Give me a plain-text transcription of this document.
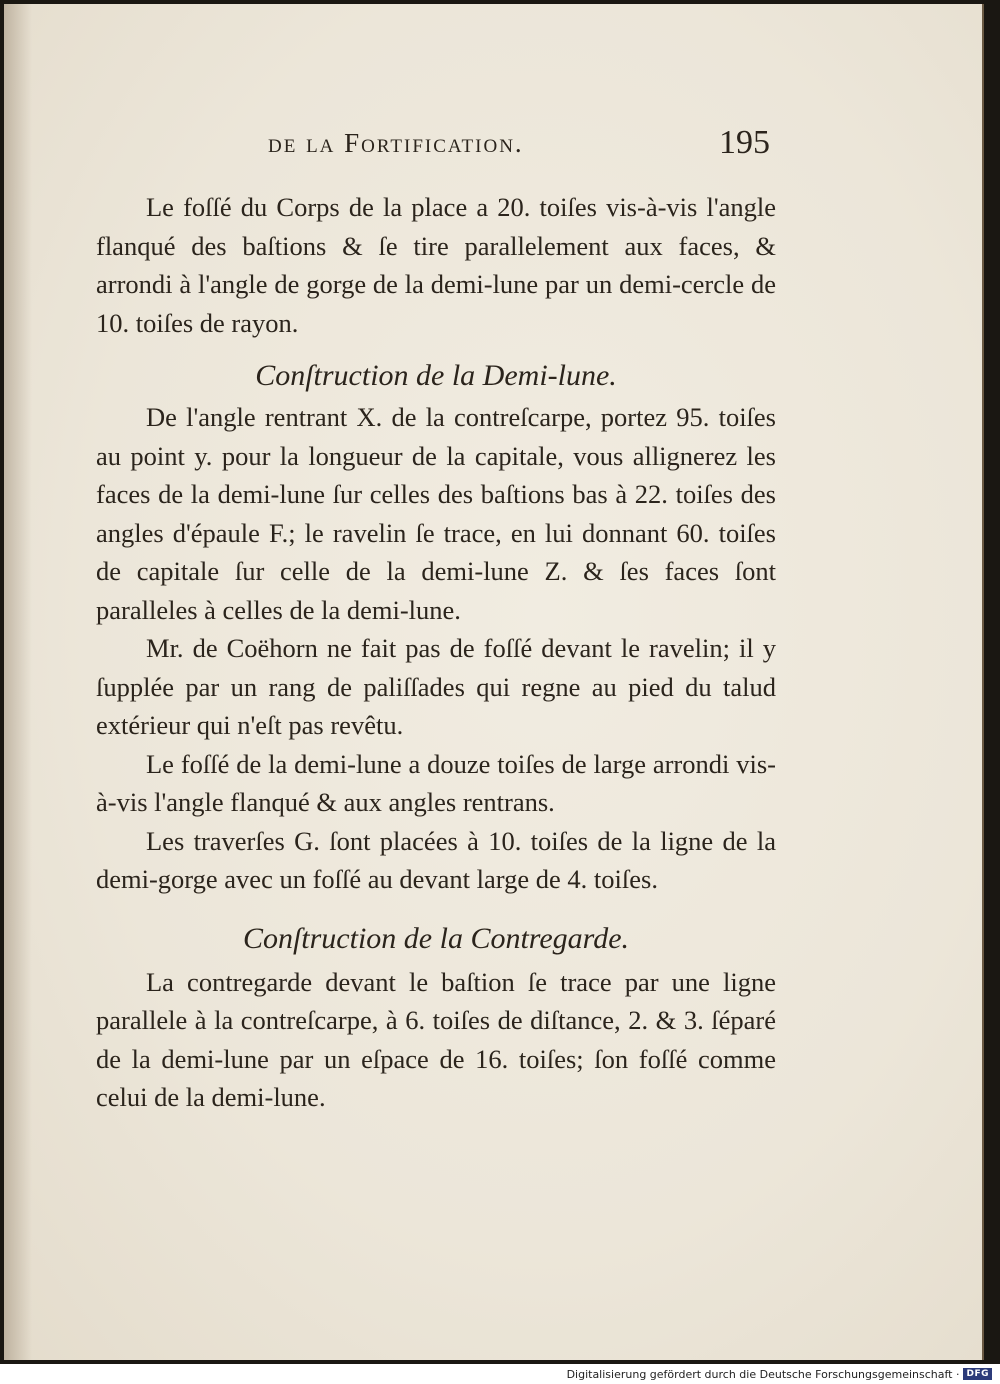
de la Fortification.	195

Le foſſé du Corps de la place a 20. toiſes vis-à-vis l'angle flanqué des baſtions & ſe tire parallelement aux faces, & arrondi à l'angle de gorge de la demi-lune par un demi-cercle de 10. toiſes de rayon.

Conſtruction de la Demi-lune.

De l'angle rentrant X. de la contreſcarpe, portez 95. toiſes au point y. pour la longueur de la capitale, vous allignerez les faces de la demi-lune ſur celles des baſtions bas à 22. toiſes des angles d'épaule F.; le ravelin ſe trace, en lui donnant 60. toiſes de capitale ſur celle de la demi-lune Z. & ſes faces ſont paralleles à celles de la demi-lune.

Mr. de Coëhorn ne fait pas de foſſé devant le ravelin; il y ſupplée par un rang de paliſſades qui regne au pied du talud extérieur qui n'eſt pas revêtu.

Le foſſé de la demi-lune a douze toiſes de large arrondi vis-à-vis l'angle flanqué & aux angles rentrans.

Les traverſes G. ſont placées à 10. toiſes de la ligne de la demi-gorge avec un foſſé au devant large de 4. toiſes.

Conſtruction de la Contregarde.

La contregarde devant le baſtion ſe trace par une ligne parallele à la contreſcarpe, à 6. toiſes de diſtance, 2. & 3. ſéparé de la demi-lune par un eſpace de 16. toiſes; ſon foſſé comme celui de la demi-lune.

Digitalisierung gefördert durch die Deutsche Forschungsgemeinschaft · DFG
